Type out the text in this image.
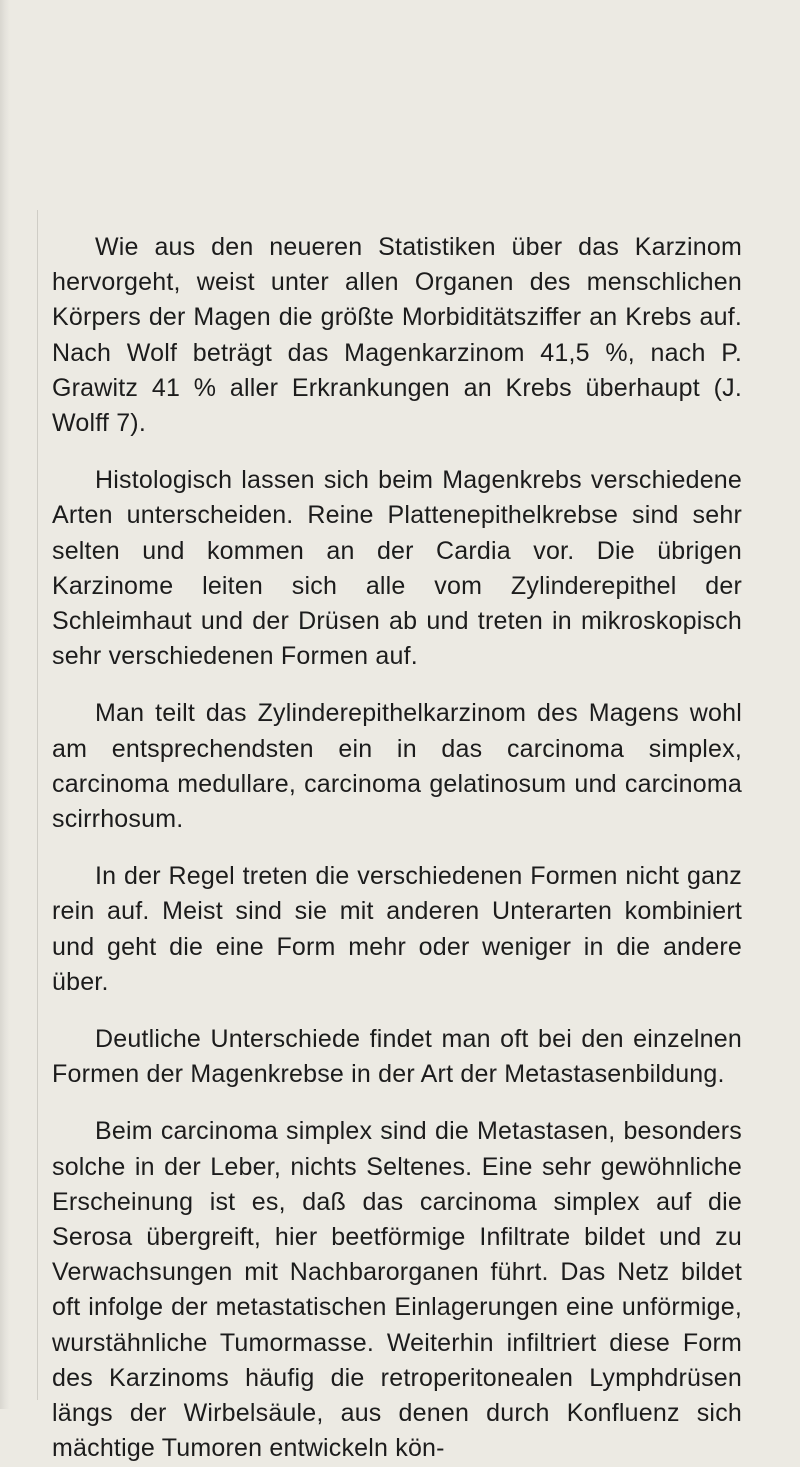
Wie aus den neueren Statistiken über das Karzinom hervorgeht, weist unter allen Organen des menschlichen Körpers der Magen die größte Morbiditätsziffer an Krebs auf. Nach Wolf beträgt das Magenkarzinom 41,5 %, nach P. Grawitz 41 % aller Erkrankungen an Krebs überhaupt (J. Wolff 7).

Histologisch lassen sich beim Magenkrebs verschiedene Arten unterscheiden. Reine Plattenepithelkrebse sind sehr selten und kommen an der Cardia vor. Die übrigen Karzinome leiten sich alle vom Zylinderepithel der Schleimhaut und der Drüsen ab und treten in mikroskopisch sehr verschiedenen Formen auf.

Man teilt das Zylinderepithelkarzinom des Magens wohl am entsprechendsten ein in das carcinoma simplex, carcinoma medullare, carcinoma gelatinosum und carcinoma scirrhosum.

In der Regel treten die verschiedenen Formen nicht ganz rein auf. Meist sind sie mit anderen Unterarten kombiniert und geht die eine Form mehr oder weniger in die andere über.

Deutliche Unterschiede findet man oft bei den einzelnen Formen der Magenkrebse in der Art der Metastasenbildung.

Beim carcinoma simplex sind die Metastasen, besonders solche in der Leber, nichts Seltenes. Eine sehr gewöhnliche Erscheinung ist es, daß das carcinoma simplex auf die Serosa übergreift, hier beetförmige Infiltrate bildet und zu Verwachsungen mit Nachbarorganen führt. Das Netz bildet oft infolge der metastatischen Einlagerungen eine unförmige, wurstähnliche Tumormasse. Weiterhin infiltriert diese Form des Karzinoms häufig die retroperitonealen Lymphdrüsen längs der Wirbelsäule, aus denen durch Konfluenz sich mächtige Tumoren entwickeln kön-
